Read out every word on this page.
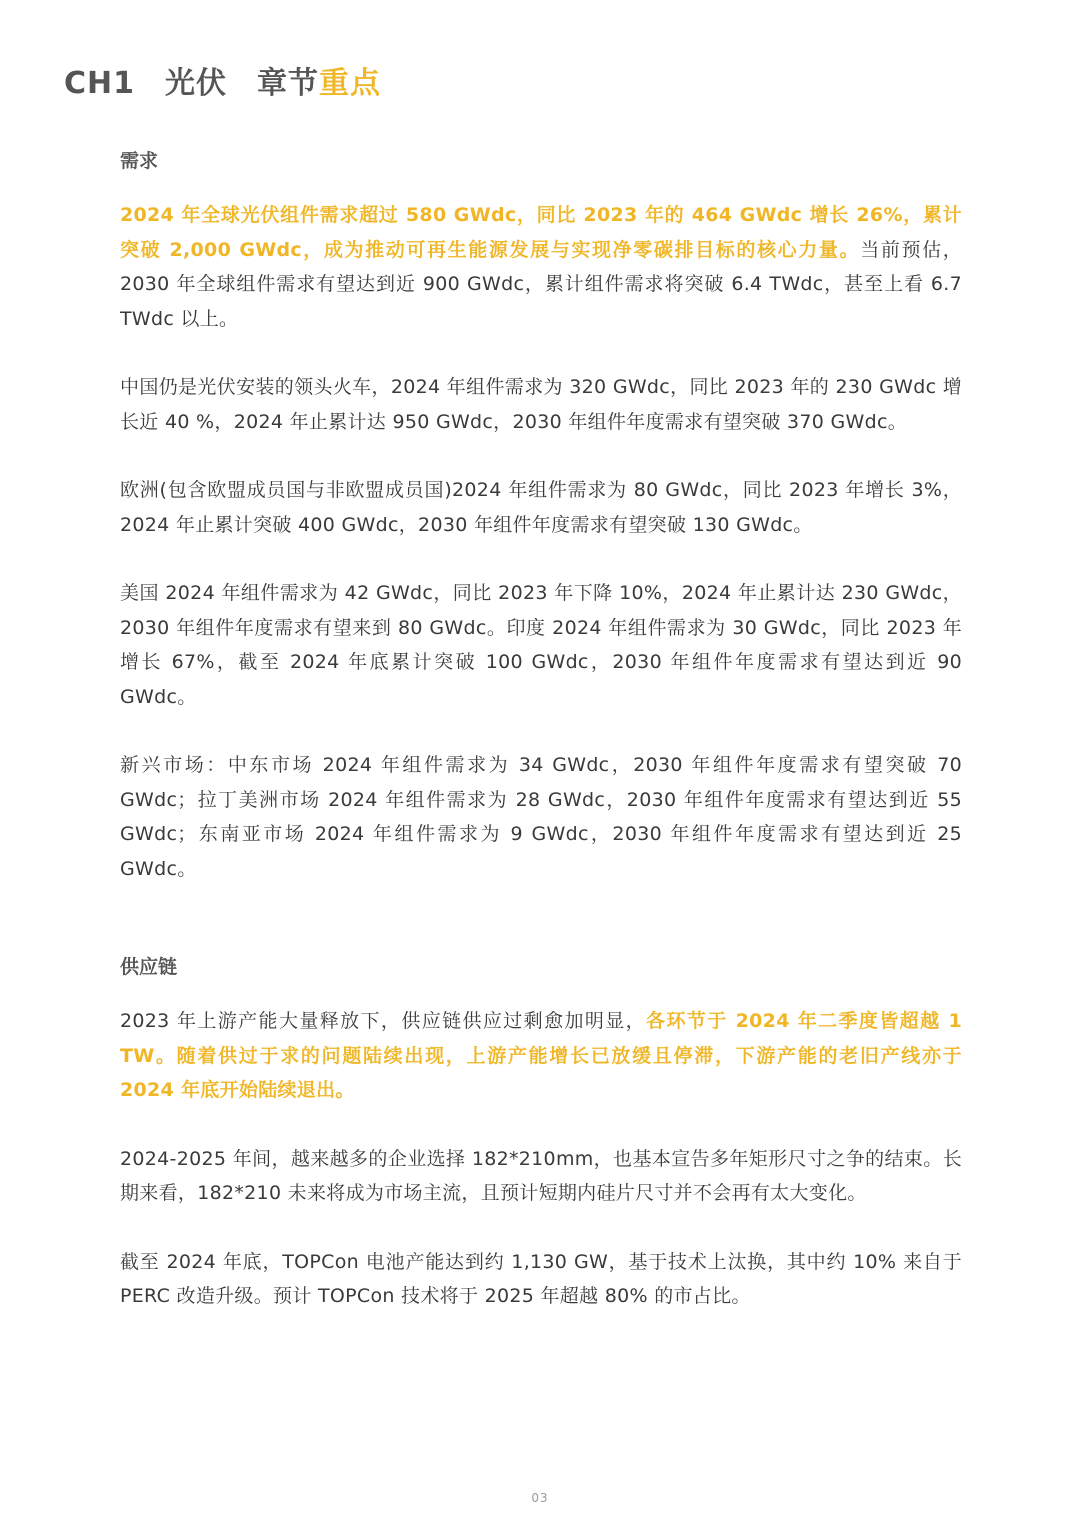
CH1 光伏 章节重点
需求

2024 年全球光伏组件需求超过 580 GWdc，同比 2023 年的 464 GWdc 增长 26%，累计突破 2,000 GWdc，成为推动可再生能源发展与实现净零碳排目标的核心力量。当前预估，2030 年全球组件需求有望达到近 900 GWdc，累计组件需求将突破 6.4 TWdc，甚至上看 6.7 TWdc 以上。

中国仍是光伏安装的领头火车，2024 年组件需求为 320 GWdc，同比 2023 年的 230 GWdc 增长近 40 %，2024 年止累计达 950 GWdc，2030 年组件年度需求有望突破 370 GWdc。

欧洲(包含欧盟成员国与非欧盟成员国)2024 年组件需求为 80 GWdc，同比 2023 年增长 3%，2024 年止累计突破 400 GWdc，2030 年组件年度需求有望突破 130 GWdc。

美国 2024 年组件需求为 42 GWdc，同比 2023 年下降 10%，2024 年止累计达 230 GWdc，2030 年组件年度需求有望来到 80 GWdc。印度 2024 年组件需求为 30 GWdc，同比 2023 年增长 67%，截至 2024 年底累计突破 100 GWdc，2030 年组件年度需求有望达到近 90 GWdc。

新兴市场：中东市场 2024 年组件需求为 34 GWdc，2030 年组件年度需求有望突破 70 GWdc；拉丁美洲市场 2024 年组件需求为 28 GWdc，2030 年组件年度需求有望达到近 55 GWdc；东南亚市场 2024 年组件需求为 9 GWdc，2030 年组件年度需求有望达到近 25 GWdc。

供应链

2023 年上游产能大量释放下，供应链供应过剩愈加明显，各环节于 2024 年二季度皆超越 1 TW。随着供过于求的问题陆续出现，上游产能增长已放缓且停滞，下游产能的老旧产线亦于 2024 年底开始陆续退出。

2024-2025 年间，越来越多的企业选择 182*210mm，也基本宣告多年矩形尺寸之争的结束。长期来看，182*210 未来将成为市场主流，且预计短期内硅片尺寸并不会再有太大变化。

截至 2024 年底，TOPCon 电池产能达到约 1,130 GW，基于技术上汰换，其中约 10% 来自于 PERC 改造升级。预计 TOPCon 技术将于 2025 年超越 80% 的市占比。

03
